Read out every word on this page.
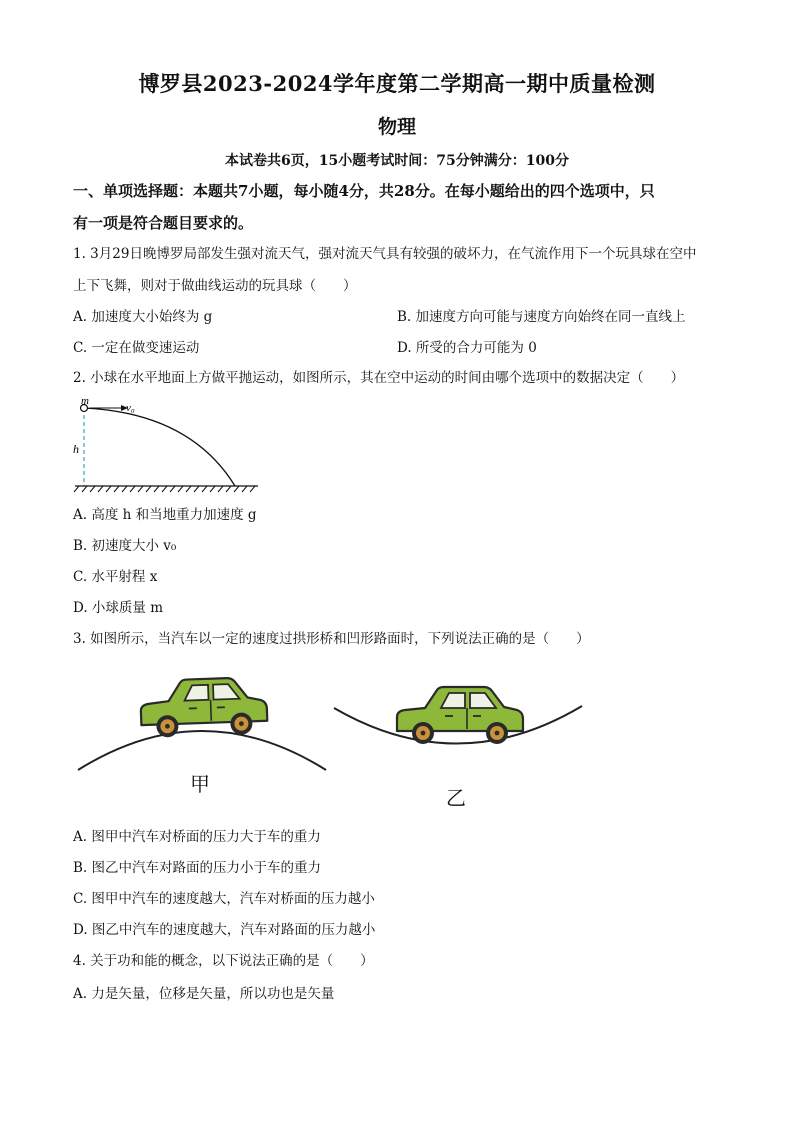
博罗县2023-2024学年度第二学期高一期中质量检测
物理
本试卷共6页，15小题考试时间：75分钟满分：100分
一、单项选择题：本题共7小题，每小随4分，共28分。在每小题给出的四个选项中，只
有一项是符合题目要求的。
1. 3月29日晚博罗局部发生强对流天气，强对流天气具有较强的破坏力，在气流作用下一个玩具球在空中
上下飞舞，则对于做曲线运动的玩具球（　　）
A. 加速度大小始终为 g	B. 加速度方向可能与速度方向始终在同一直线上
C. 一定在做变速运动	D. 所受的合力可能为 0
2. 小球在水平地面上方做平抛运动，如图所示，其在空中运动的时间由哪个选项中的数据决定（　　）
m
v₀
h
A. 高度 h 和当地重力加速度 g
B. 初速度大小 v₀
C. 水平射程 x
D. 小球质量 m
3. 如图所示，当汽车以一定的速度过拱形桥和凹形路面时，下列说法正确的是（　　）
甲
乙
A. 图甲中汽车对桥面的压力大于车的重力
B. 图乙中汽车对路面的压力小于车的重力
C. 图甲中汽车的速度越大，汽车对桥面的压力越小
D. 图乙中汽车的速度越大，汽车对路面的压力越小
4. 关于功和能的概念，以下说法正确的是（　　）
A. 力是矢量，位移是矢量，所以功也是矢量
